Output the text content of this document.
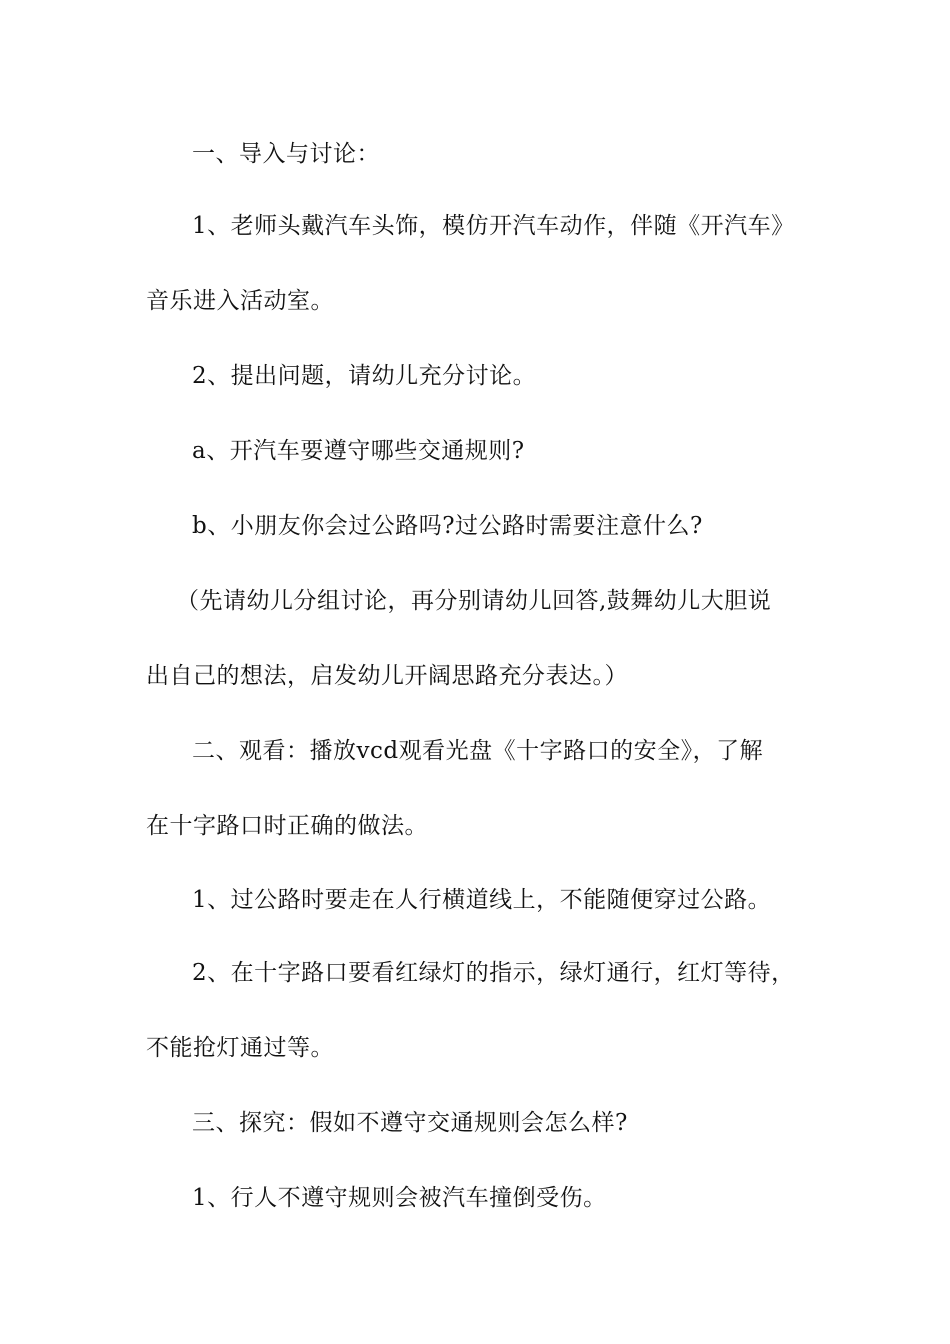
一、导入与讨论：
1、老师头戴汽车头饰，模仿开汽车动作，伴随《开汽车》
音乐进入活动室。
2、提出问题，请幼儿充分讨论。
a、开汽车要遵守哪些交通规则?
b、小朋友你会过公路吗?过公路时需要注意什么?
（先请幼儿分组讨论，再分别请幼儿回答,鼓舞幼儿大胆说
出自己的想法，启发幼儿开阔思路充分表达。）
二、观看：播放vcd观看光盘《十字路口的安全》，了解
在十字路口时正确的做法。
1、过公路时要走在人行横道线上，不能随便穿过公路。
2、在十字路口要看红绿灯的指示，绿灯通行，红灯等待，
不能抢灯通过等。
三、探究：假如不遵守交通规则会怎么样?
1、行人不遵守规则会被汽车撞倒受伤。
